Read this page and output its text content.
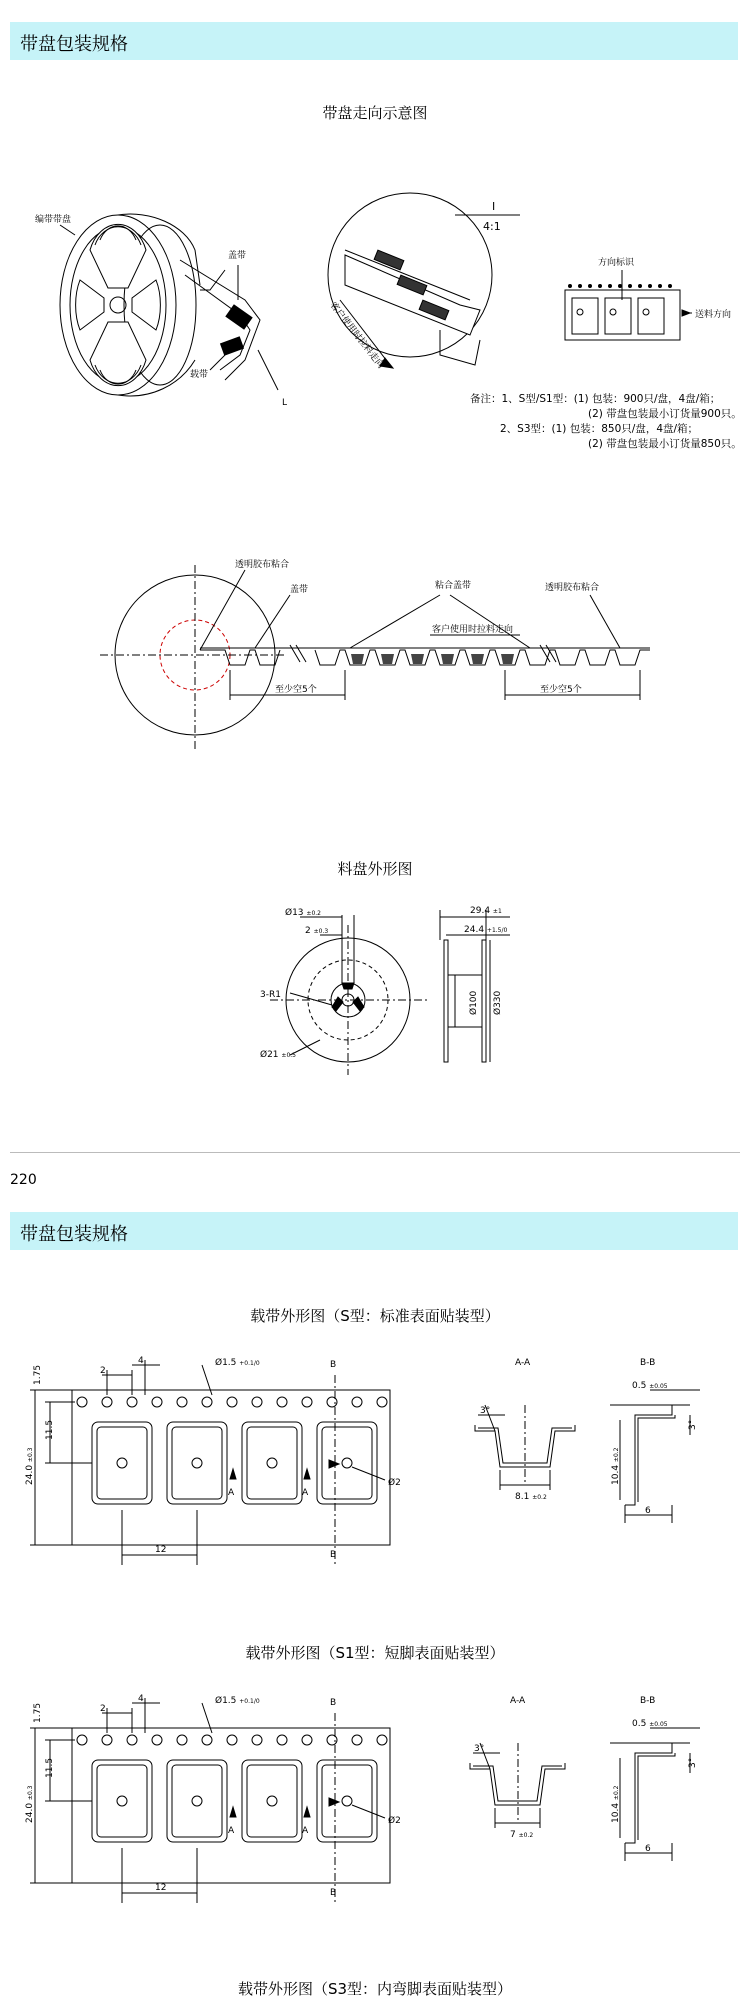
带盘包装规格
带盘走向示意图
编带带盘
盖带
载带
L
I
4:1
客户使用时拉料走向
方向标识
送料方向
备注：1、S型/S1型：(1) 包装：900只/盘，4盘/箱；
(2) 带盘包装最小订货量900只。
2、S3型：(1) 包装：850只/盘，4盘/箱；
(2) 带盘包装最小订货量850只。
透明胶布粘合
盖带	粘合盖带	透明胶布粘合
客户使用时拉料走向
至少空5个	至少空5个
料盘外形图
Ø13 ±0.2
2 ±0.3
3-R1
Ø21 ±0.5
29.4 ±1
24.4 +1.5/0
Ø100 Ø330
220
带盘包装规格
载带外形图（S型：标准表面贴装型）
1.75	2
4	Ø1.5 +0.1/0	B
B
A	A
11.5
24.0 ±0.3
12
Ø2
A-A	B-B
3°
8.1 ±0.2
0.5 ±0.05
10.4 ±0.2
3°
6
载带外形图（S1型：短脚表面贴装型）
1.75	2
4	Ø1.5 +0.1/0	B
B
A	A
11.5
24.0 ±0.3
12
Ø2
A-A	B-B
3°
7 ±0.2
0.5 ±0.05
10.4 ±0.2
3°
6
载带外形图（S3型：内弯脚表面贴装型）
